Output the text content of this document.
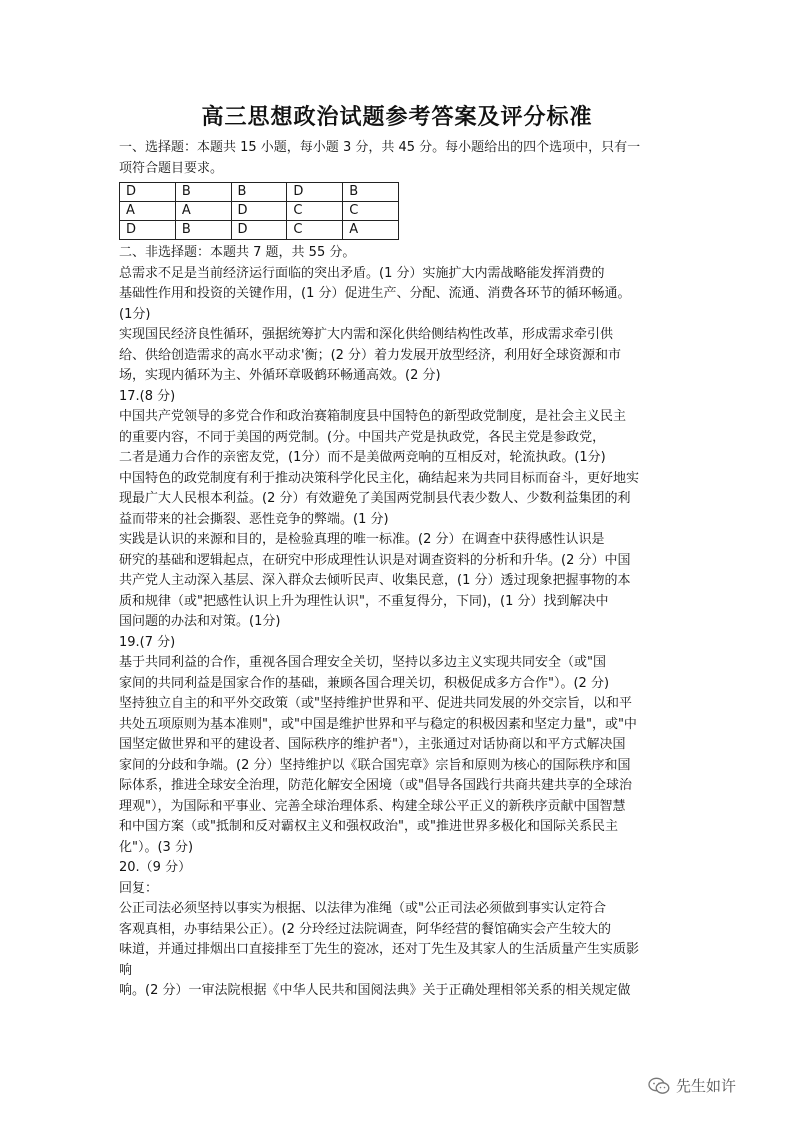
高三思想政治试题参考答案及评分标准
一、选择题：本题共 15 小题，每小题 3 分，共 45 分。每小题给出的四个选项中，只有一
项符合题目要求。
D	B	B	D	B
A	A	D	C	C
D	B	D	C	A
二、非选择题：本题共 7 题，共 55 分。
总需求不足是当前经济运行面临的突出矛盾。(1 分）实施扩大内需战略能发挥消费的
基础性作用和投资的关键作用，(1 分）促进生产、分配、流通、消费各环节的循环畅通。
(1分)
实现国民经济良性循环，强据统筹扩大内需和深化供给侧结构性改革，形成需求牵引供
给、供给创造需求的高水平动求'衡；(2 分）着力发展开放型经济，利用好全球资源和市
场，实现内循环为主、外循环章吸鹤环畅通高效。(2 分)
17.(8 分)
中国共产党领导的多党合作和政治赛箱制度县中国特色的新型政党制度，是社会主义民主
的重要内容，不同于美国的两党制。(分。中国共产党是执政党，各民主党是参政党，
二者是通力合作的亲密友党，(1分）而不是美做两竞响的互相反对，轮流执政。(1分)
中国特色的政党制度有利于推动决策科学化民主化，确结起来为共同目标而奋斗，更好地实
现最广大人民根本利益。(2 分）有效避免了美国两党制县代表少数人、少数利益集团的利
益而带来的社会撕裂、恶性竞争的弊端。(1 分)
实践是认识的来源和目的，是检验真理的唯一标准。(2 分）在调查中获得感性认识是
研究的基础和逻辑起点，在研究中形成理性认识是对调查资料的分析和升华。(2 分）中国
共产党人主动深入基层、深入群众去倾听民声、收集民意，(1 分）透过现象把握事物的本
质和规律（或"把感性认识上升为理性认识"，不重复得分，下同)，(1 分）找到解决中
国问题的办法和对策。(1分)
19.(7 分)
基于共同利益的合作，重视各国合理安全关切，坚持以多边主义实现共同安全（或"国
家间的共同利益是国家合作的基础，兼顾各国合理关切，积极促成多方合作"）。(2 分)
坚持独立自主的和平外交政策（或"坚持维护世界和平、促进共同发展的外交宗旨，以和平
共处五项原则为基本准则"，或"中国是维护世界和平与稳定的积极因素和坚定力量"，或"中
国坚定做世界和平的建设者、国际秩序的维护者"），主张通过对话协商以和平方式解决国
家间的分歧和争端。(2 分）坚持维护以《联合国宪章》宗旨和原则为核心的国际秩序和国
际体系，推进全球安全治理，防范化解安全困境（或"倡导各国践行共商共建共享的全球治
理观"），为国际和平事业、完善全球治理体系、构建全球公平正义的新秩序贡献中国智慧
和中国方案（或"抵制和反对霸权主义和强权政治"，或"推进世界多极化和国际关系民主
化"）。(3 分)
20.（9 分）
回复：
公正司法必须坚持以事实为根据、以法律为准绳（或"公正司法必须做到事实认定符合
客观真相，办事结果公正）。(2 分玲经过法院调查，阿华经营的餐馆确实会产生较大的
味道，并通过排烟出口直接排至丁先生的瓷冰，还对丁先生及其家人的生活质量产生实质影
响
响。(2 分）一审法院根据《中华人民共和国阅法典》关于正确处理相邻关系的相关规定做
先生如许
